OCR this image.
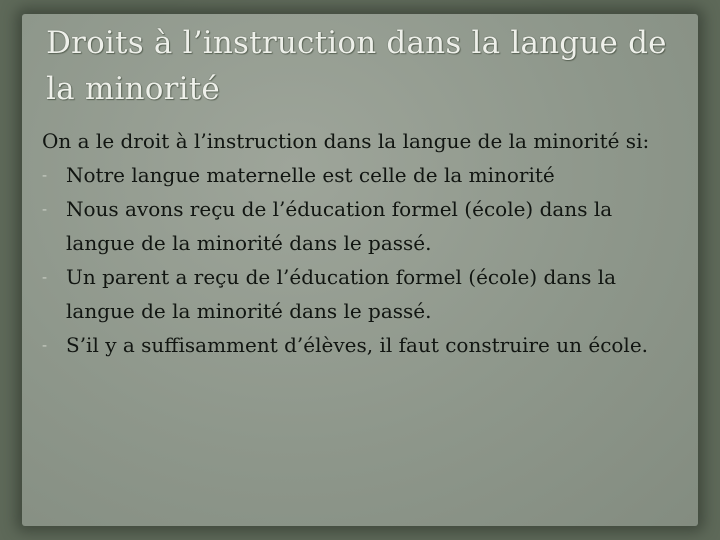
Droits à l’instruction dans la langue de la minorité

On a le droit à l’instruction dans la langue de la minorité si:

- Notre langue maternelle est celle de la minorité
- Nous avons reçu de l’éducation formel (école) dans la langue de la minorité dans le passé.
- Un parent a reçu de l’éducation formel (école) dans la langue de la minorité dans le passé.
- S’il y a suffisamment d’élèves, il faut construire un école.
